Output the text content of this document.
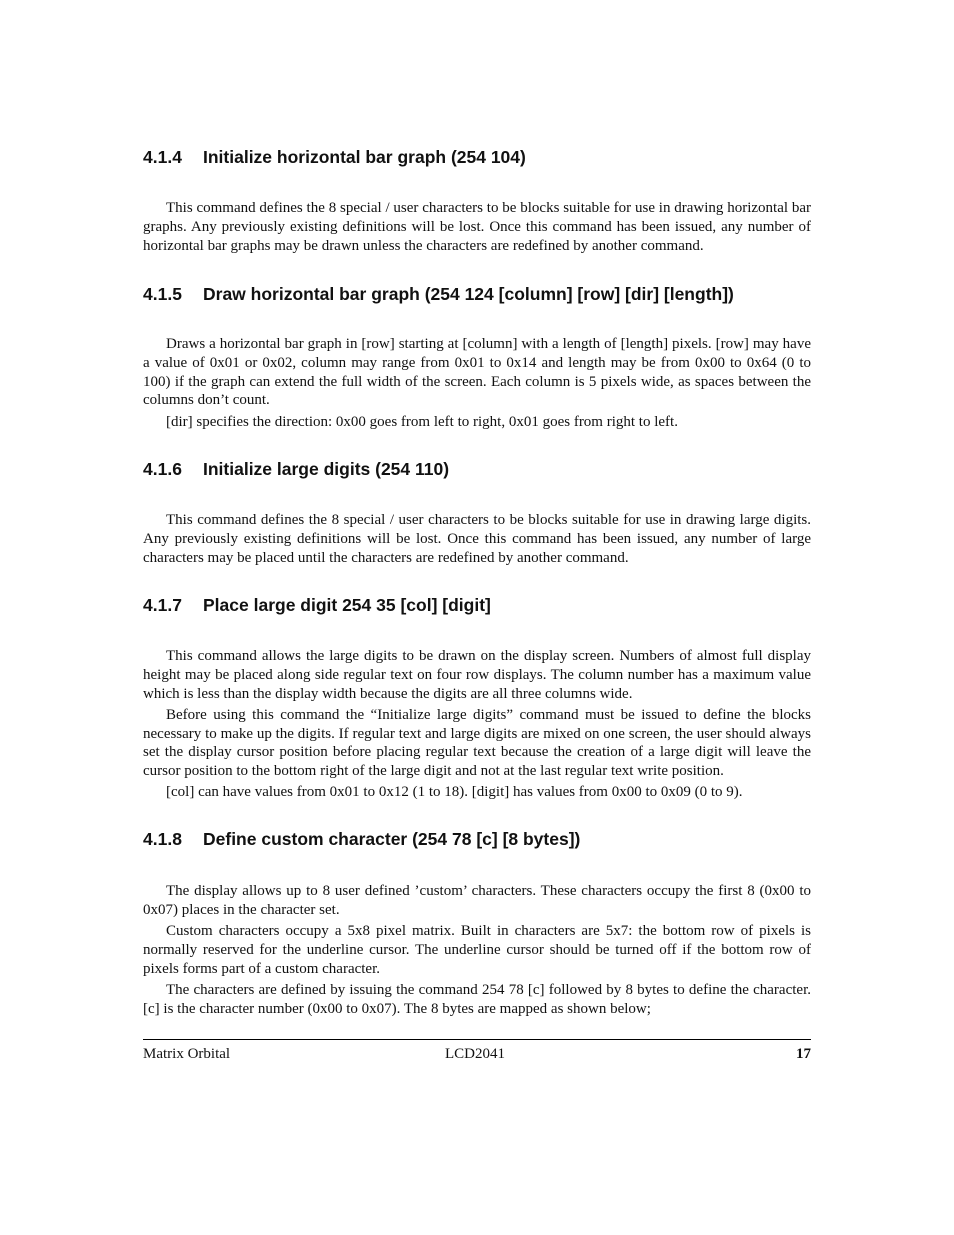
4.1.4 Initialize horizontal bar graph (254 104)

This command defines the 8 special / user characters to be blocks suitable for use in drawing horizontal bar graphs. Any previously existing definitions will be lost. Once this command has been issued, any number of horizontal bar graphs may be drawn unless the characters are redefined by another command.

4.1.5 Draw horizontal bar graph (254 124 [column] [row] [dir] [length])

Draws a horizontal bar graph in [row] starting at [column] with a length of [length] pixels. [row] may have a value of 0x01 or 0x02, column may range from 0x01 to 0x14 and length may be from 0x00 to 0x64 (0 to 100) if the graph can extend the full width of the screen. Each column is 5 pixels wide, as spaces between the columns don’t count.

[dir] specifies the direction: 0x00 goes from left to right, 0x01 goes from right to left.

4.1.6 Initialize large digits (254 110)

This command defines the 8 special / user characters to be blocks suitable for use in drawing large digits. Any previously existing definitions will be lost. Once this command has been issued, any number of large characters may be placed until the characters are redefined by another command.

4.1.7 Place large digit 254 35 [col] [digit]

This command allows the large digits to be drawn on the display screen. Numbers of almost full display height may be placed along side regular text on four row displays. The column number has a maximum value which is less than the display width because the digits are all three columns wide.

Before using this command the “Initialize large digits” command must be issued to define the blocks necessary to make up the digits. If regular text and large digits are mixed on one screen, the user should always set the display cursor position before placing regular text because the creation of a large digit will leave the cursor position to the bottom right of the large digit and not at the last regular text write position.

[col] can have values from 0x01 to 0x12 (1 to 18). [digit] has values from 0x00 to 0x09 (0 to 9).

4.1.8 Define custom character (254 78 [c] [8 bytes])

The display allows up to 8 user defined ’custom’ characters. These characters occupy the first 8 (0x00 to 0x07) places in the character set.

Custom characters occupy a 5x8 pixel matrix. Built in characters are 5x7: the bottom row of pixels is normally reserved for the underline cursor. The underline cursor should be turned off if the bottom row of pixels forms part of a custom character.

The characters are defined by issuing the command 254 78 [c] followed by 8 bytes to define the character. [c] is the character number (0x00 to 0x07). The 8 bytes are mapped as shown below;

Matrix Orbital	LCD2041	17
